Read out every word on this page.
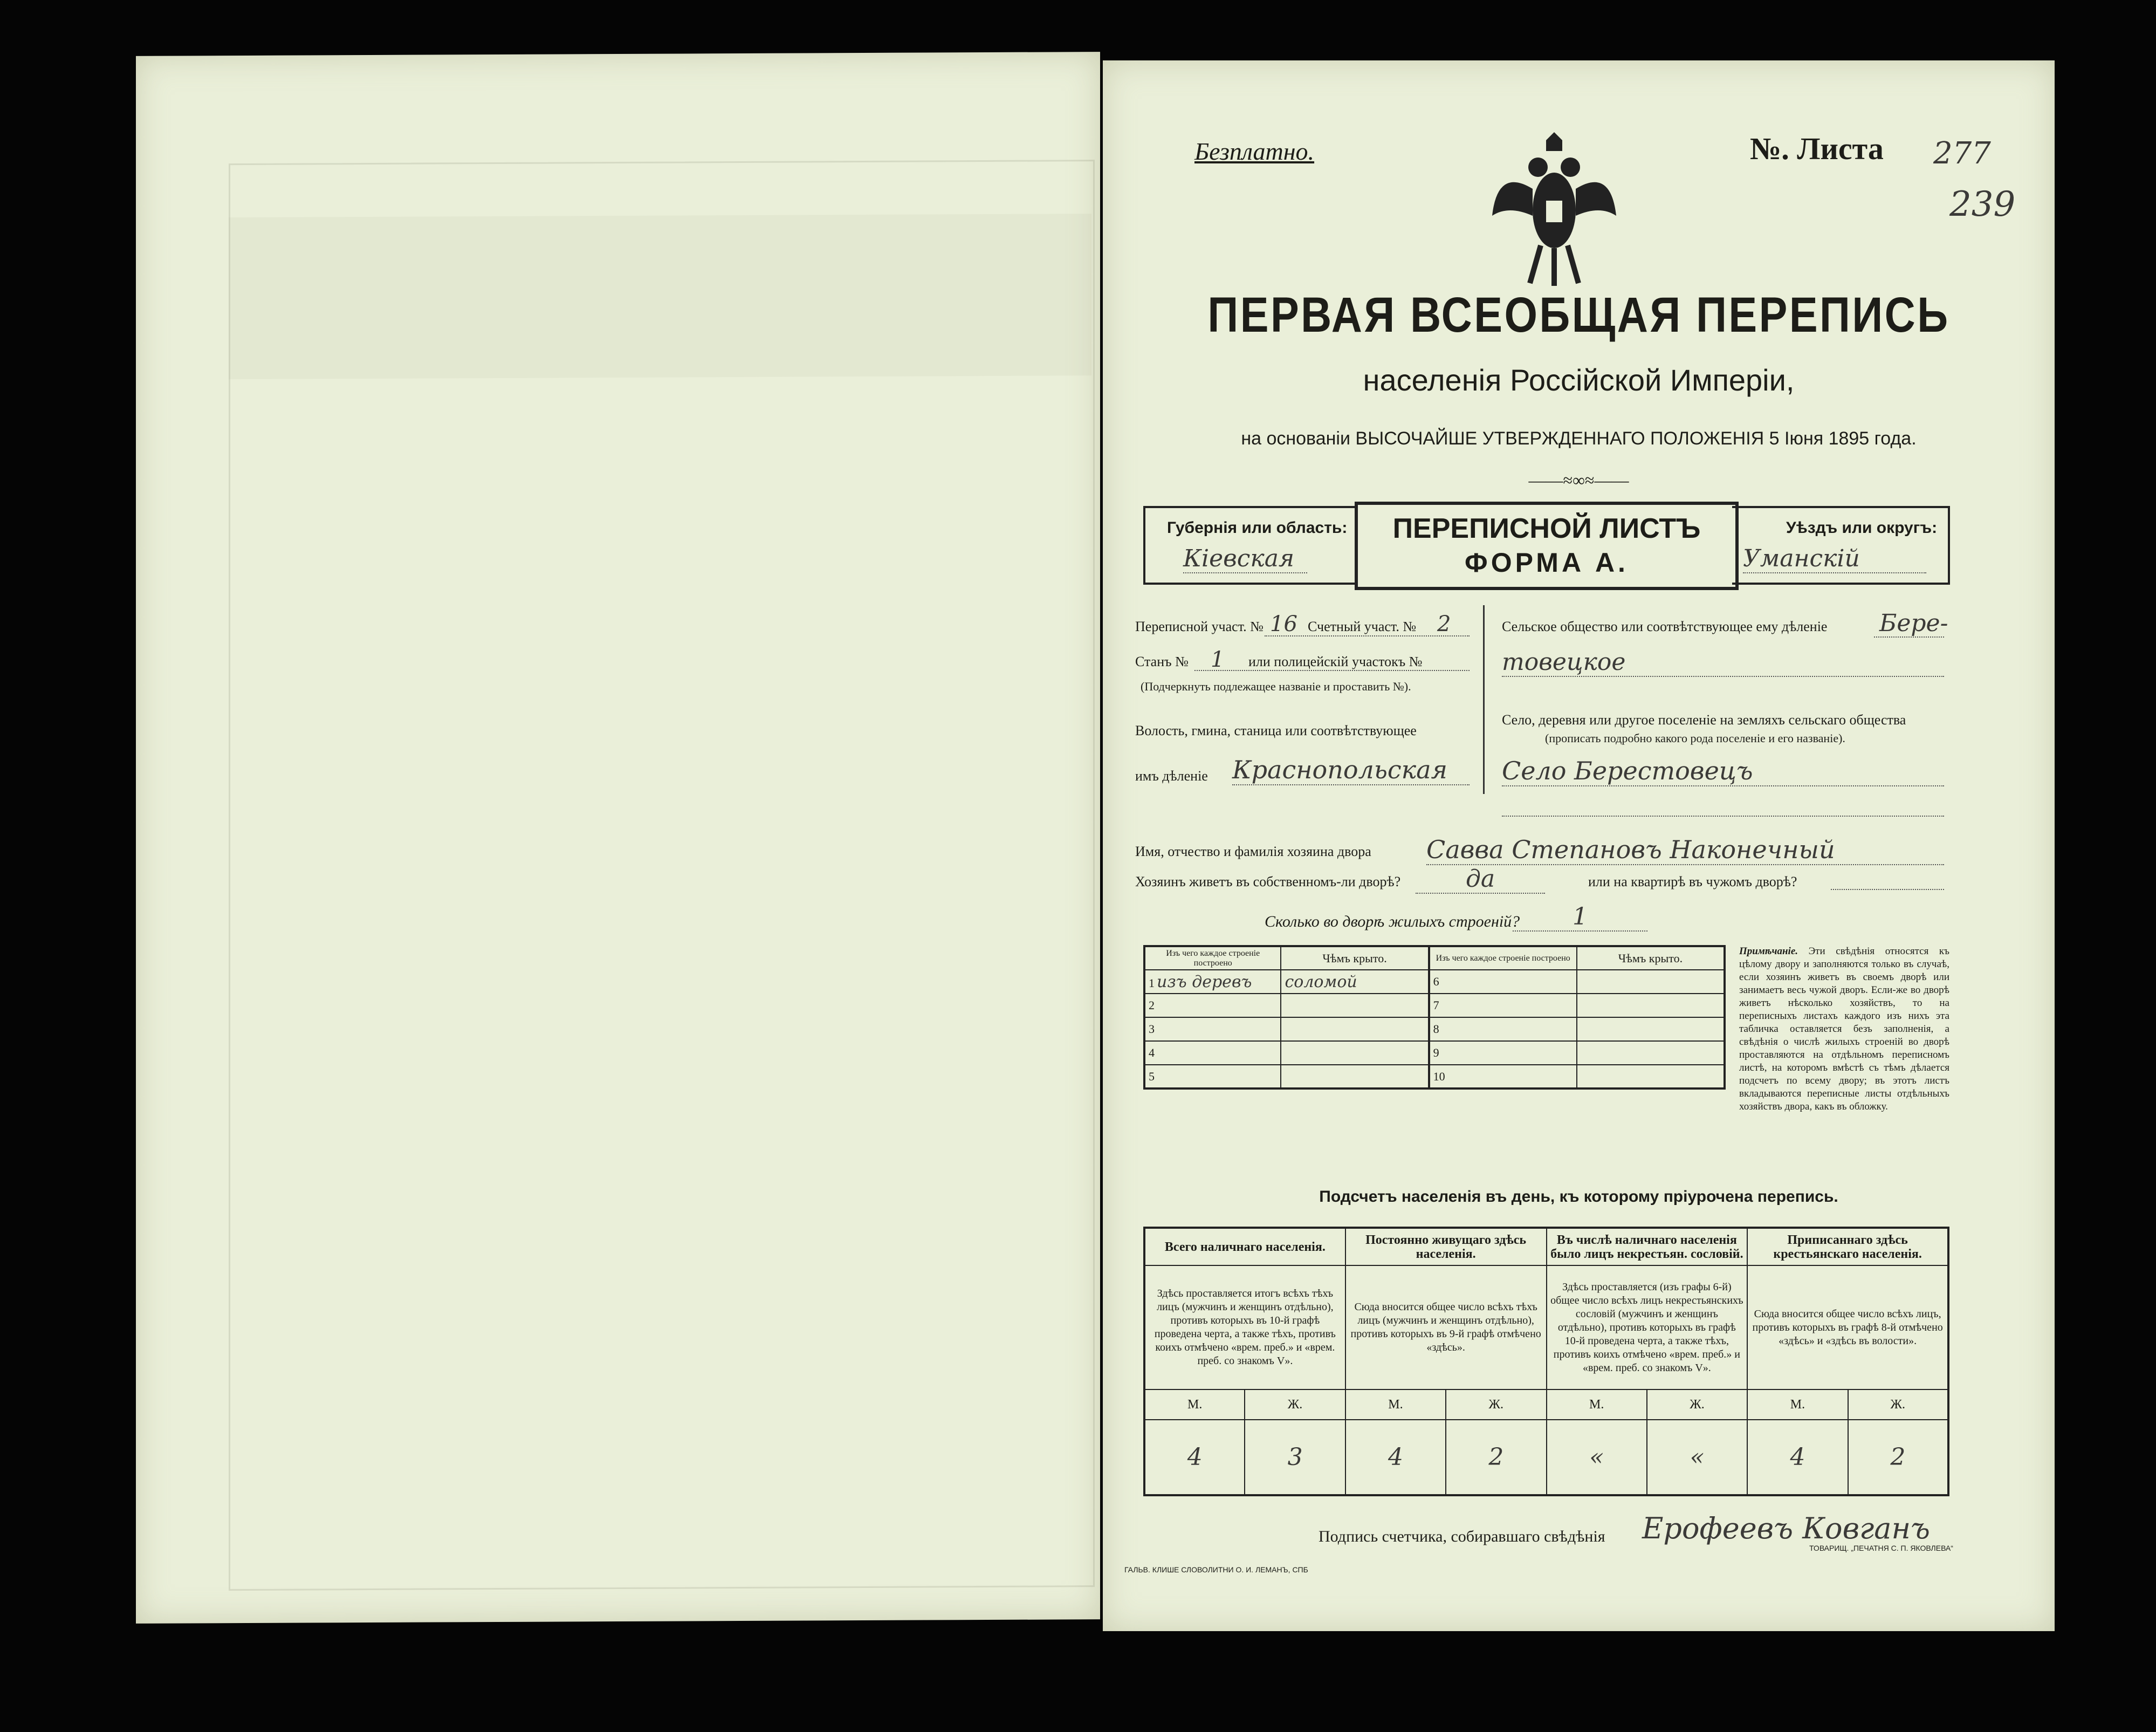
Безплатно.	№. Листа 277
239
ПЕРВАЯ ВСЕОБЩАЯ ПЕРЕПИСЬ
населенія Россійской Имперіи,
на основаніи ВЫСОЧАЙШЕ УТВЕРЖДЕННАГО ПОЛОЖЕНІЯ 5 Іюня 1895 года.
――≈∞≈――
Губернія или область:
Кіевская
ПЕРЕПИСНОЙ ЛИСТЪ
ФОРМА А.
Уѣздъ или округъ:
Уманскій
Переписной участ. № 16 Счетный участ. № 2
Станъ № 1 или полицейскій участокъ №
(Подчеркнуть подлежащее названіе и проставить №).
Волость, гмина, станица или соотвѣтствующее
имъ дѣленіе Краснопольская
Сельское общество или соотвѣтствующее ему дѣленіе Бере-
товецкое
Село, деревня или другое поселеніе на земляхъ сельскаго общества
(прописать подробно какого рода поселеніе и его названіе).
Село Берестовецъ
Имя, отчество и фамилія хозяина двора Савва Степановъ Наконечный
Хозяинъ живетъ въ собственномъ-ли дворѣ?	да	или на квартирѣ въ чужомъ дворѣ?
Сколько во дворѣ жилыхъ строеній?	1
Изъ чего каждое строеніе построено	Чѣмъ крыто.	Изъ чего каждое строеніе построено	Чѣмъ крыто.
1 изъ деревъ	соломой	6	
2		7	
3		8	
4		9	
5		10	
Примѣчаніе. Эти свѣдѣнія относятся къ цѣлому двору и заполняются только въ случаѣ, если хозяинъ живетъ въ своемъ дворѣ или занимаетъ весь чужой дворъ. Если-же во дворѣ живетъ нѣсколько хозяйствъ, то на переписныхъ листахъ каждого изъ нихъ эта табличка оставляется безъ заполненія, а свѣдѣнія о числѣ жилыхъ строеній во дворѣ проставляются на отдѣльномъ переписномъ листѣ, на которомъ вмѣстѣ съ тѣмъ дѣлается подсчетъ по всему двору; въ этотъ листъ вкладываются переписные листы отдѣльныхъ хозяйствъ двора, какъ въ обложку.
Подсчетъ населенія въ день, къ которому пріурочена перепись.
Всего наличнаго населенія.		Постоянно живущаго здѣсь населенія.		Въ числѣ наличнаго населенія было лицъ некрестьян. сословій.		Приписаннаго здѣсь крестьянскаго населенія.	
Здѣсь проставляется итогъ всѣхъ тѣхъ лицъ (мужчинъ и женщинъ отдѣльно), противъ которыхъ въ 10-й графѣ проведена черта, а также тѣхъ, противъ коихъ отмѣчено «врем. преб.» и «врем. преб. со знакомъ V».		Сюда вносится общее число всѣхъ тѣхъ лицъ (мужчинъ и женщинъ отдѣльно), противъ которыхъ въ 9-й графѣ отмѣчено «здѣсь».		Здѣсь проставляется (изъ графы 6-й) общее число всѣхъ лицъ некрестьянскихъ сословій (мужчинъ и женщинъ отдѣльно), противъ которыхъ въ графѣ 10-й проведена черта, а также тѣхъ, противъ коихъ отмѣчено «врем. преб.» и «врем. преб. со знакомъ V».		Сюда вносится общее число всѣхъ лицъ, противъ которыхъ въ графѣ 8-й отмѣчено «здѣсь» и «здѣсь въ волости».	
М.	Ж.	М.	Ж.	М.	Ж.	М.	Ж.
4	3	4	2	«	«	4	2
Подпись счетчика, собиравшаго свѣдѣнія Ерофеевъ Ковганъ
ГАЛЬВ. КЛИШЕ СЛОВОЛИТНИ О. И. ЛЕМАНЪ, СПБ
ТОВАРИЩ. „ПЕЧАТНЯ С. П. ЯКОВЛЕВА“
